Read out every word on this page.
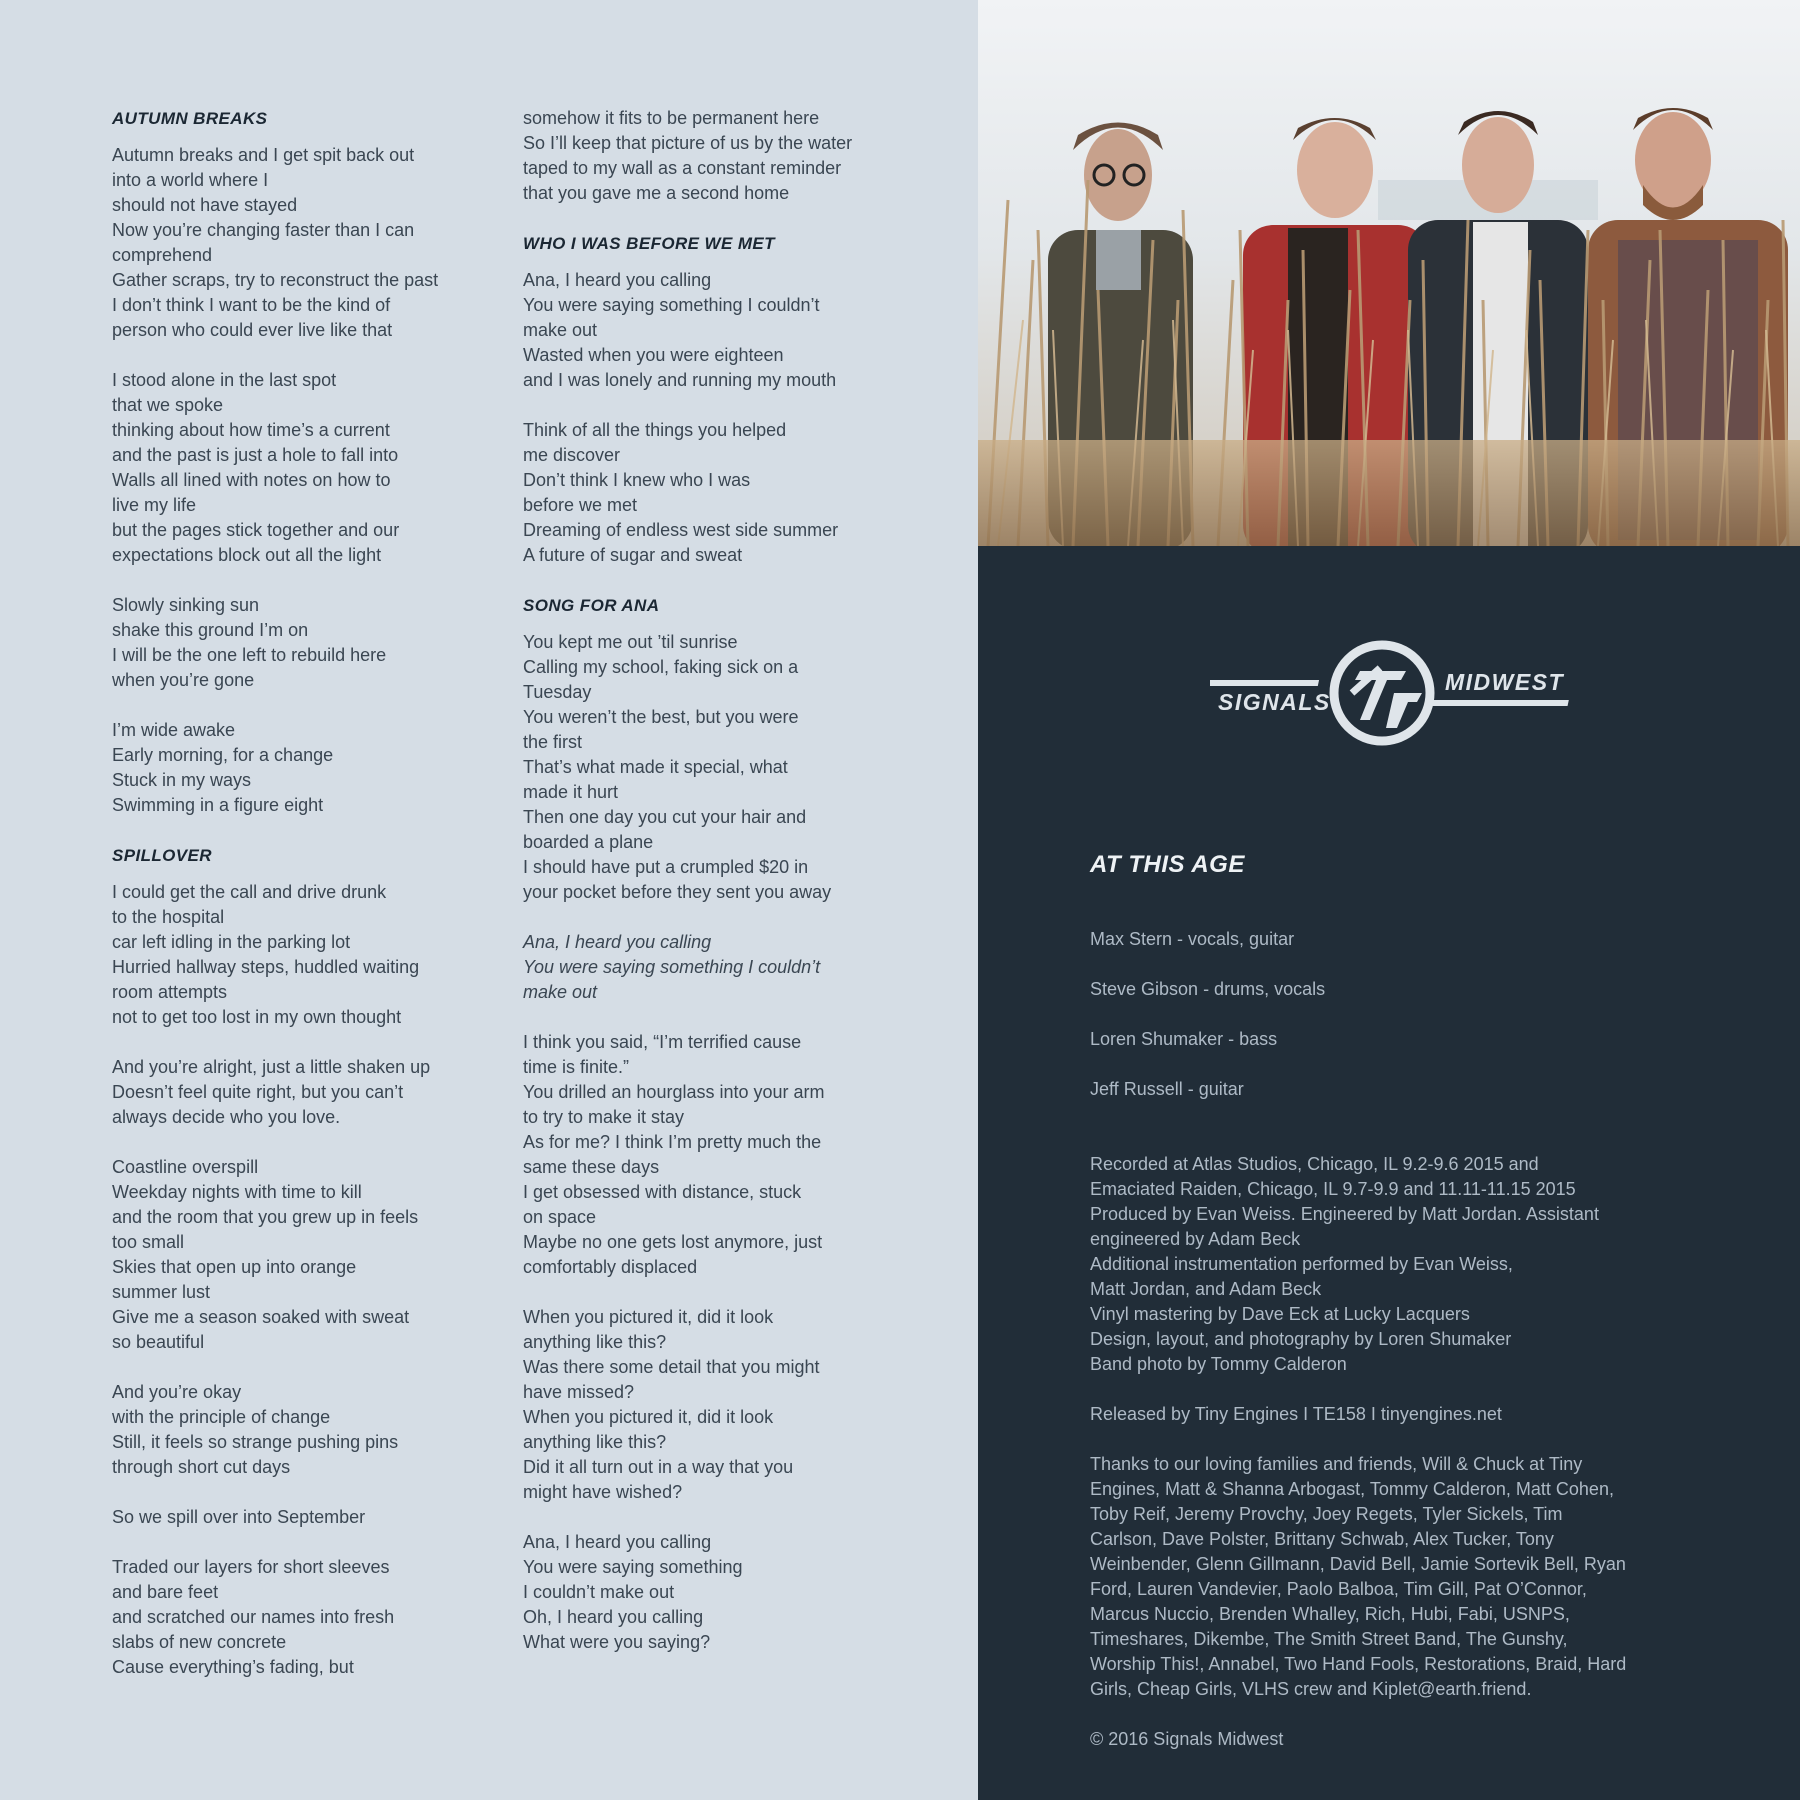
AUTUMN BREAKS

Autumn breaks and I get spit back out
into a world where I
should not have stayed
Now you’re changing faster than I can
comprehend
Gather scraps, try to reconstruct the past
I don’t think I want to be the kind of
person who could ever live like that

I stood alone in the last spot
that we spoke
thinking about how time’s a current
and the past is just a hole to fall into
Walls all lined with notes on how to
live my life
but the pages stick together and our
expectations block out all the light

Slowly sinking sun
shake this ground I’m on
I will be the one left to rebuild here
when you’re gone

I’m wide awake
Early morning, for a change
Stuck in my ways
Swimming in a figure eight

SPILLOVER

I could get the call and drive drunk
to the hospital
car left idling in the parking lot
Hurried hallway steps, huddled waiting
room attempts
not to get too lost in my own thought

And you’re alright, just a little shaken up
Doesn’t feel quite right, but you can’t
always decide who you love.

Coastline overspill
Weekday nights with time to kill
and the room that you grew up in feels
too small
Skies that open up into orange
summer lust
Give me a season soaked with sweat
so beautiful

And you’re okay
with the principle of change
Still, it feels so strange pushing pins
through short cut days

So we spill over into September

Traded our layers for short sleeves
and bare feet
and scratched our names into fresh
slabs of new concrete
Cause everything’s fading, but

somehow it fits to be permanent here
So I’ll keep that picture of us by the water
taped to my wall as a constant reminder
that you gave me a second home

WHO I WAS BEFORE WE MET

Ana, I heard you calling
You were saying something I couldn’t
make out
Wasted when you were eighteen
and I was lonely and running my mouth

Think of all the things you helped
me discover
Don’t think I knew who I was
before we met
Dreaming of endless west side summer
A future of sugar and sweat

SONG FOR ANA

You kept me out ’til sunrise
Calling my school, faking sick on a
Tuesday
You weren’t the best, but you were
the first
That’s what made it special, what
made it hurt
Then one day you cut your hair and
boarded a plane
I should have put a crumpled $20 in
your pocket before they sent you away

Ana, I heard you calling
You were saying something I couldn’t
make out

I think you said, “I’m terrified cause
time is finite.”
You drilled an hourglass into your arm
to try to make it stay
As for me? I think I’m pretty much the
same these days
I get obsessed with distance, stuck
on space
Maybe no one gets lost anymore, just
comfortably displaced

When you pictured it, did it look
anything like this?
Was there some detail that you might
have missed?
When you pictured it, did it look
anything like this?
Did it all turn out in a way that you
might have wished?

Ana, I heard you calling
You were saying something
I couldn’t make out
Oh, I heard you calling
What were you saying?

SIGNALS
MIDWEST
AT THIS AGE

Max Stern - vocals, guitar

Steve Gibson - drums, vocals

Loren Shumaker - bass

Jeff Russell - guitar

Recorded at Atlas Studios, Chicago, IL 9.2-9.6 2015 and
Emaciated Raiden, Chicago, IL 9.7-9.9 and 11.11-11.15 2015
Produced by Evan Weiss. Engineered by Matt Jordan. Assistant
engineered by Adam Beck
Additional instrumentation performed by Evan Weiss,
Matt Jordan, and Adam Beck
Vinyl mastering by Dave Eck at Lucky Lacquers
Design, layout, and photography by Loren Shumaker
Band photo by Tommy Calderon

Released by Tiny Engines I TE158 I tinyengines.net

Thanks to our loving families and friends, Will & Chuck at Tiny
Engines, Matt & Shanna Arbogast, Tommy Calderon, Matt Cohen,
Toby Reif, Jeremy Provchy, Joey Regets, Tyler Sickels, Tim
Carlson, Dave Polster, Brittany Schwab, Alex Tucker, Tony
Weinbender, Glenn Gillmann, David Bell, Jamie Sortevik Bell, Ryan
Ford, Lauren Vandevier, Paolo Balboa, Tim Gill, Pat O’Connor,
Marcus Nuccio, Brenden Whalley, Rich, Hubi, Fabi, USNPS,
Timeshares, Dikembe, The Smith Street Band, The Gunshy,
Worship This!, Annabel, Two Hand Fools, Restorations, Braid, Hard
Girls, Cheap Girls, VLHS crew and Kiplet@earth.friend.

© 2016 Signals Midwest
